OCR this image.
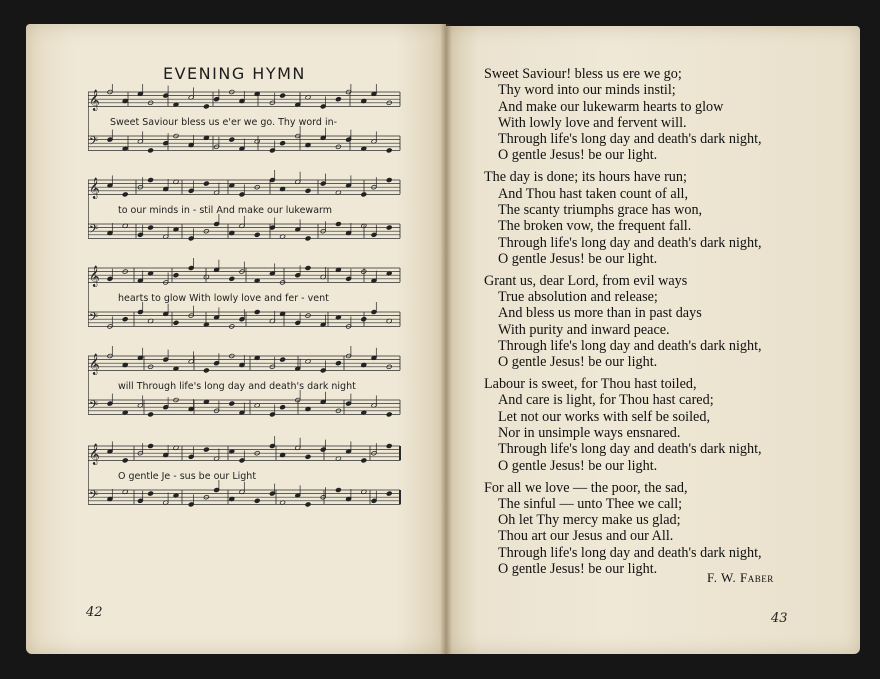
EVENING HYMN
𝄞
𝄢
Sweet Saviour bless us e'er we go. Thy word in-
𝄞
𝄢
to our minds in - stil And make our lukewarm
𝄞
𝄢
hearts to glow With lowly love and fer - vent
𝄞
𝄢
will Through life's long day and death's dark night
𝄞
𝄢
O gentle Je - sus be our Light
42
Sweet Saviour! bless us ere we go;
Thy word into our minds instil;
And make our lukewarm hearts to glow
With lowly love and fervent will.
Through life's long day and death's dark night,
O gentle Jesus! be our light.
The day is done; its hours have run;
And Thou hast taken count of all,
The scanty triumphs grace has won,
The broken vow, the frequent fall.
Through life's long day and death's dark night,
O gentle Jesus! be our light.
Grant us, dear Lord, from evil ways
True absolution and release;
And bless us more than in past days
With purity and inward peace.
Through life's long day and death's dark night,
O gentle Jesus! be our light.
Labour is sweet, for Thou hast toiled,
And care is light, for Thou hast cared;
Let not our works with self be soiled,
Nor in unsimple ways ensnared.
Through life's long day and death's dark night,
O gentle Jesus! be our light.
For all we love — the poor, the sad,
The sinful — unto Thee we call;
Oh let Thy mercy make us glad;
Thou art our Jesus and our All.
Through life's long day and death's dark night,
O gentle Jesus! be our light.
F. W. Faber
43
